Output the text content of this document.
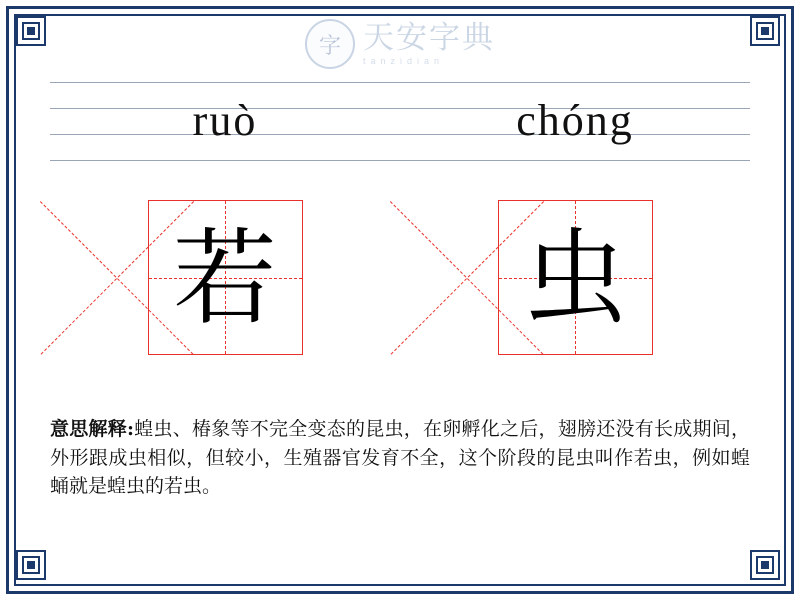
字 天安字典
tanzidian
ruò	chóng
若 虫
意思解释:蝗虫、椿象等不完全变态的昆虫，在卵孵化之后，翅膀还没有长成期间，外形跟成虫相似，但较小，生殖器官发育不全，这个阶段的昆虫叫作若虫，例如蝗蛹就是蝗虫的若虫。
